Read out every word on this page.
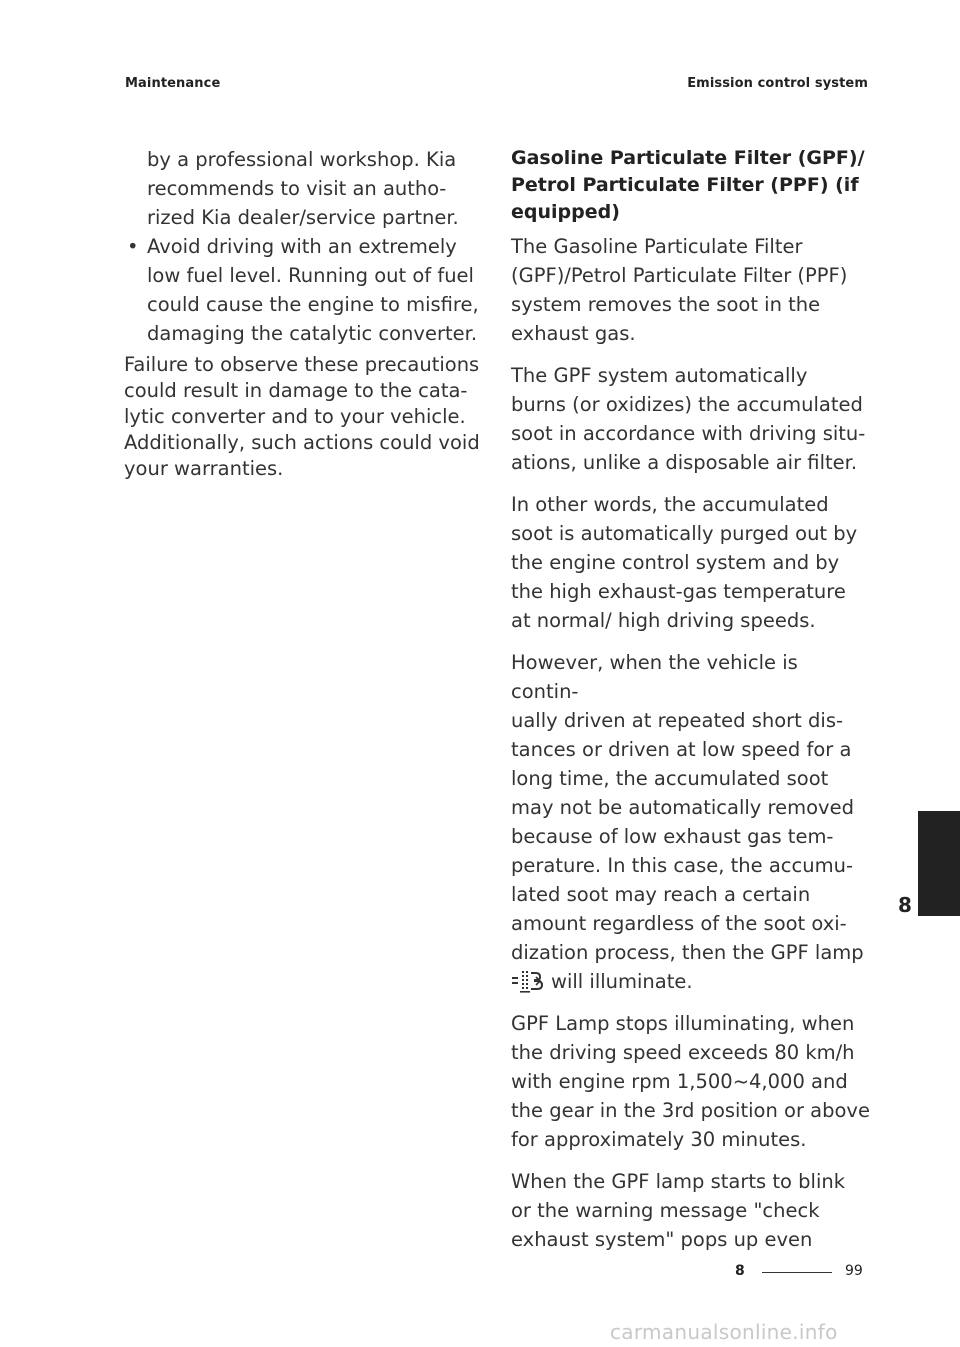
Maintenance	Emission control system
by a professional workshop. Kia
recommends to visit an autho‐
rized Kia dealer/service partner.
• Avoid driving with an extremely
low fuel level. Running out of fuel
could cause the engine to misfire,
damaging the catalytic converter.
Failure to observe these precautions
could result in damage to the cata‐
lytic converter and to your vehicle.
Additionally, such actions could void
your warranties.
Gasoline Particulate Filter (GPF)/
Petrol Particulate Filter (PPF) (if
equipped)
The Gasoline Particulate Filter
(GPF)/Petrol Particulate Filter (PPF)
system removes the soot in the
exhaust gas.
The GPF system automatically
burns (or oxidizes) the accumulated
soot in accordance with driving situ‐
ations, unlike a disposable air filter.
In other words, the accumulated
soot is automatically purged out by
the engine control system and by
the high exhaust-gas temperature
at normal/ high driving speeds.
However, when the vehicle is contin‐
ually driven at repeated short dis‐
tances or driven at low speed for a
long time, the accumulated soot
may not be automatically removed
because of low exhaust gas tem‐
perature. In this case, the accumu‐
lated soot may reach a certain
amount regardless of the soot oxi‐
dization process, then the GPF lamp
will illuminate.
GPF Lamp stops illuminating, when
the driving speed exceeds 80 km/h
with engine rpm 1,500~4,000 and
the gear in the 3rd position or above
for approximately 30 minutes.
When the GPF lamp starts to blink
or the warning message "check
exhaust system" pops up even
8
8	99
carmanualsonline.info
